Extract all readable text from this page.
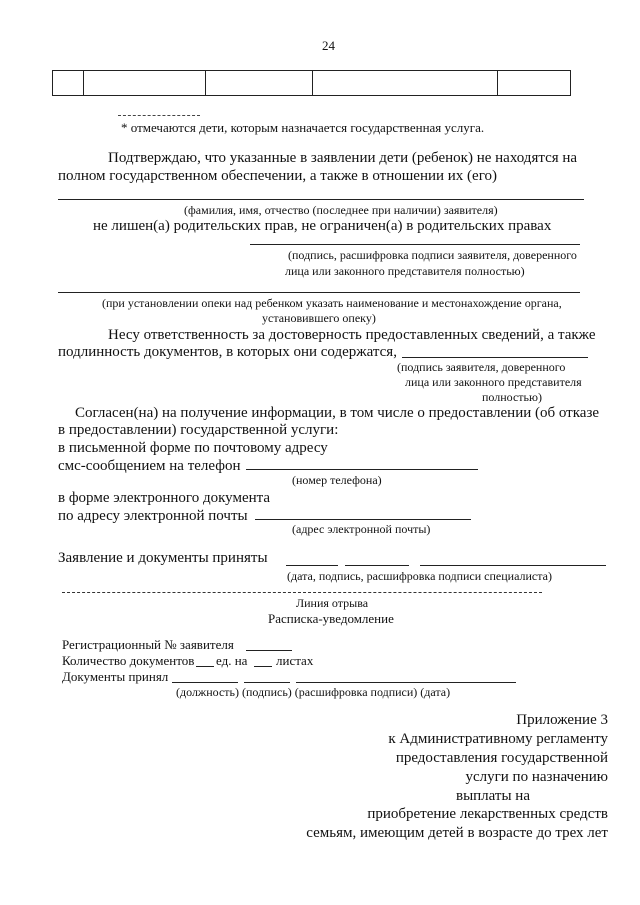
24
* отмечаются дети, которым назначается государственная услуга.
Подтверждаю, что указанные в заявлении дети (ребенок) не находятся на
полном государственном обеспечении, а также в отношении их (его)
(фамилия, имя, отчество (последнее при наличии) заявителя)
не лишен(а) родительских прав, не ограничен(а) в родительских правах
(подпись, расшифровка подписи заявителя, доверенного
лица или законного представителя полностью)
(при установлении опеки над ребенком указать наименование и местонахождение органа,
установившего опеку)
Несу ответственность за достоверность предоставленных сведений, а также
подлинность документов, в которых они содержатся,
(подпись заявителя, доверенного
лица или законного представителя
полностью)
Согласен(на) на получение информации, в том числе о предоставлении (об отказе
в предоставлении) государственной услуги:
в письменной форме по почтовому адресу
смс-сообщением на телефон
(номер телефона)
в форме электронного документа
по адресу электронной почты
(адрес электронной почты)
Заявление и документы приняты
(дата, подпись, расшифровка подписи специалиста)
Линия отрыва
Расписка-уведомление
Регистрационный № заявителя
Количество документов ед. на листах
Документы принял
(должность) (подпись) (расшифровка подписи) (дата)
Приложение 3
к Административному регламенту
предоставления государственной
услуги по назначению
выплаты на
приобретение лекарственных средств
семьям, имеющим детей в возрасте до трех лет
